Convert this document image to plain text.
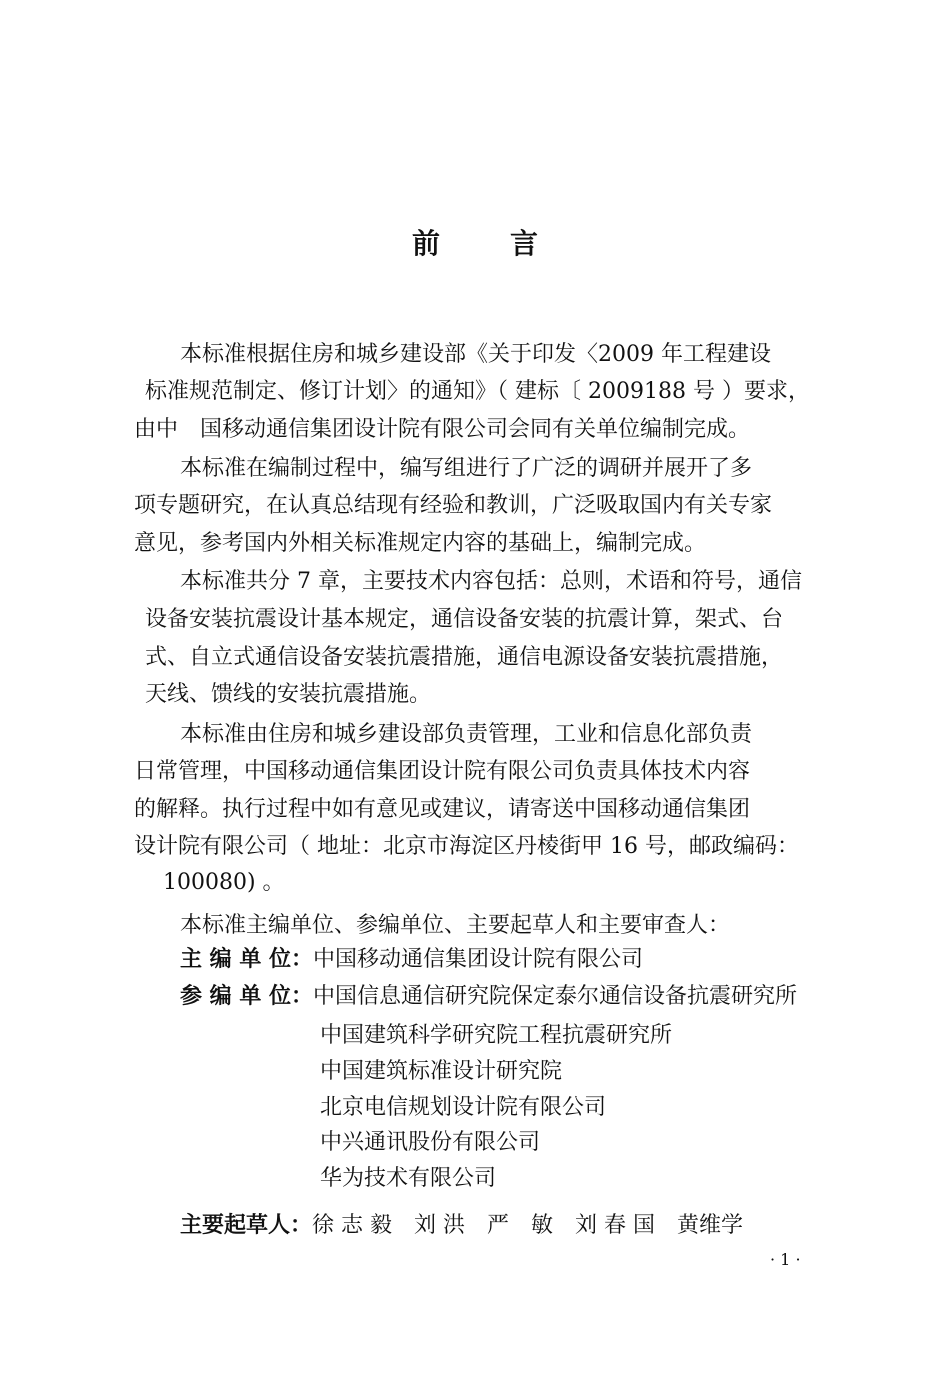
前	言
本标准根据住房和城乡建设部《关于印发〈2009 年工程建设
标准规范制定、修订计划〉的通知》（ 建标〔 2009188 号 ）要求，
由中　国移动通信集团设计院有限公司会同有关单位编制完成。
本标准在编制过程中，编写组进行了广泛的调研并展开了多
项专题研究，在认真总结现有经验和教训，广泛吸取国内有关专家
意见，参考国内外相关标准规定内容的基础上，编制完成。
本标准共分 7 章，主要技术内容包括：总则，术语和符号，通信
设备安装抗震设计基本规定，通信设备安装的抗震计算，架式、台
式、自立式通信设备安装抗震措施，通信电源设备安装抗震措施，
天线、馈线的安装抗震措施。
本标准由住房和城乡建设部负责管理，工业和信息化部负责
日常管理，中国移动通信集团设计院有限公司负责具体技术内容
的解释。执行过程中如有意见或建议，请寄送中国移动通信集团
设计院有限公司（ 地址：北京市海淀区丹棱街甲 16 号，邮政编码：
100080) 。
本标准主编单位、参编单位、主要起草人和主要审查人：
主 编 单 位：中国移动通信集团设计院有限公司
参 编 单 位：中国信息通信研究院保定泰尔通信设备抗震研究所
中国建筑科学研究院工程抗震研究所
中国建筑标准设计研究院
北京电信规划设计院有限公司
中兴通讯股份有限公司
华为技术有限公司
主要起草人：徐 志 毅　刘 洪　严　敏　刘 春 国　黄维学
· 1 ·
